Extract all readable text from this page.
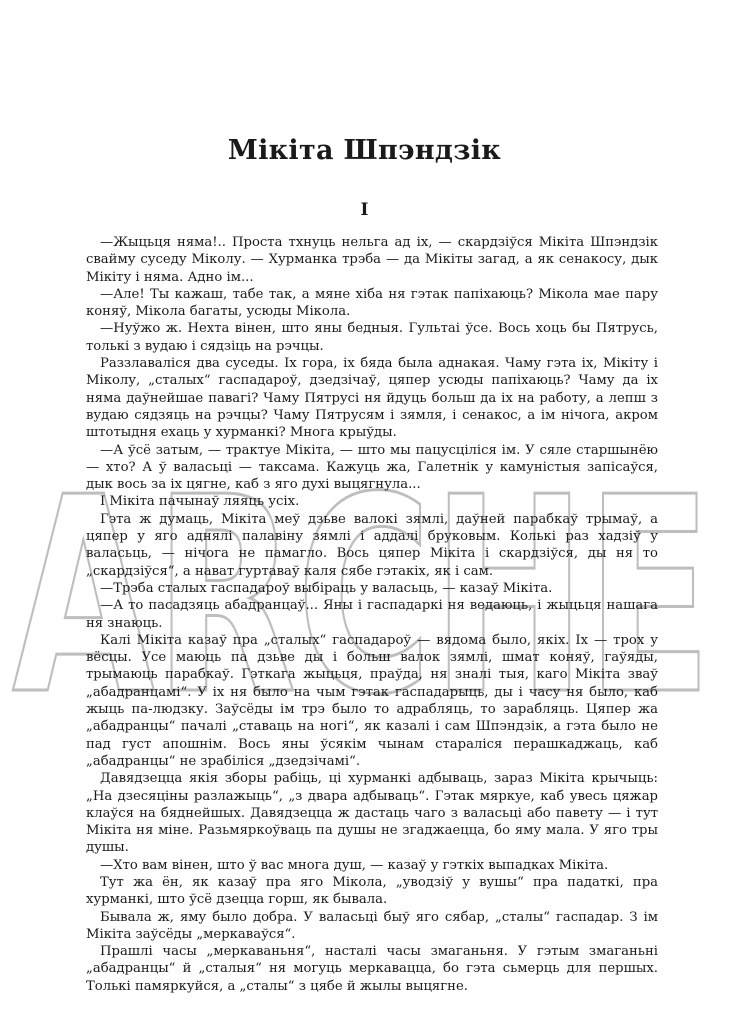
ARCHE
Мікіта Шпэндзік
I

—Жыцьця няма!.. Проста тхнуць нельга ад іх, — скардзіўся Мікіта Шпэндзік свайму суседу Міколу. — Хурманка трэба — да Мікіты загад, а як сенакосу, дык Мікіту і няма. Адно ім...

—Але! Ты кажаш, табе так, а мяне хіба ня гэтак папіхаюць? Мікола мае пару коняў, Мікола багаты, усюды Мікола.

—Нуўжо ж. Нехта вінен, што яны бедныя. Гультаі ўсе. Вось хоць бы Пятрусь, толькі з вудаю і сядзіць на рэчцы.

Раззлаваліся два суседы. Іх гора, іх бяда была аднакая. Чаму гэта іх, Мікіту і Міколу, „сталых“ гаспадароў, дзедзічаў, цяпер усюды папіхаюць? Чаму да іх няма даўнейшае павагі? Чаму Пятрусі ня йдуць больш да іх на работу, а лепш з вудаю сядзяць на рэчцы? Чаму Пятрусям і зямля, і сенакос, а ім нічога, акром штотыдня ехаць у хурманкі? Многа крыўды.

—А ўсё затым, — трактуе Мікіта, — што мы пацусціліся ім. У сяле старшынёю — хто? А ў валасьці — таксама. Кажуць жа, Галетнік у камуністыя запісаўся, дык вось за іх цягне, каб з яго духі выцягнула...

І Мікіта пачынаў ляяць усіх.

Гэта ж думаць, Мікіта меў дзьве валокі зямлі, даўней парабкаў трымаў, а цяпер у яго аднялі палавіну зямлі і аддалі бруковым. Колькі раз хадзіў у валасьць, — нічога не памагло. Вось цяпер Мікіта і скардзіўся, ды ня то „скардзіўся“, а нават гуртаваў каля сябе гэтакіх, як і сам.

—Трэба сталых гаспадароў выбіраць у валасьць, — казаў Мікіта.

—А то пасадзяць абадранцаў... Яны і гаспадаркі ня ведаюць, і жыцьця нашага ня знаюць.

Калі Мікіта казаў пра „сталых“ гаспадароў — вядома было, якіх. Іх — трох у вёсцы. Усе маюць па дзьве ды і больш валок зямлі, шмат коняў, гаўяды, трымаюць парабкаў. Гэткага жыцьця, праўда, ня зналі тыя, каго Мікіта зваў „абадранцамі“. У іх ня было на чым гэтак гаспадарыць, ды і часу ня было, каб жыць па-людзку. Заўсёды ім трэ было то адрабляць, то зарабляць. Цяпер жа „абадранцы“ пачалі „ставаць на ногі“, як казалі і сам Шпэндзік, а гэта было не пад густ апошнім. Вось яны ўсякім чынам стараліся перашкаджаць, каб „абадранцы“ не зрабіліся „дзедзічамі“.

Давядзецца якія зборы рабіць, ці хурманкі адбываць, зараз Мікіта крычыць: „На дзесяціны разлажыць“, „з двара адбываць“. Гэтак мяркуе, каб увесь цяжар клаўся на бяднейшых. Давядзецца ж дастаць чаго з валасьці або павету — і тут Мікіта ня міне. Разьмяркоўваць па душы не згаджаецца, бо яму мала. У яго тры душы.

—Хто вам вінен, што ў вас многа душ, — казаў у гэткіх выпадках Мікіта.

Тут жа ён, як казаў пра яго Мікола, „уводзіў у вушы“ пра падаткі, пра хурманкі, што ўсё дзецца горш, як бывала.

Бывала ж, яму было добра. У валасьці быў яго сябар, „сталы“ гаспадар. З ім Мікіта заўсёды „меркаваўся“.

Прашлі часы „меркаваньня“, насталі часы змаганьня. У гэтым змаганьні „абадранцы“ й „сталыя“ ня могуць меркавацца, бо гэта сьмерць для першых. Толькі памяркуйся, а „сталы“ з цябе й жылы выцягне.
